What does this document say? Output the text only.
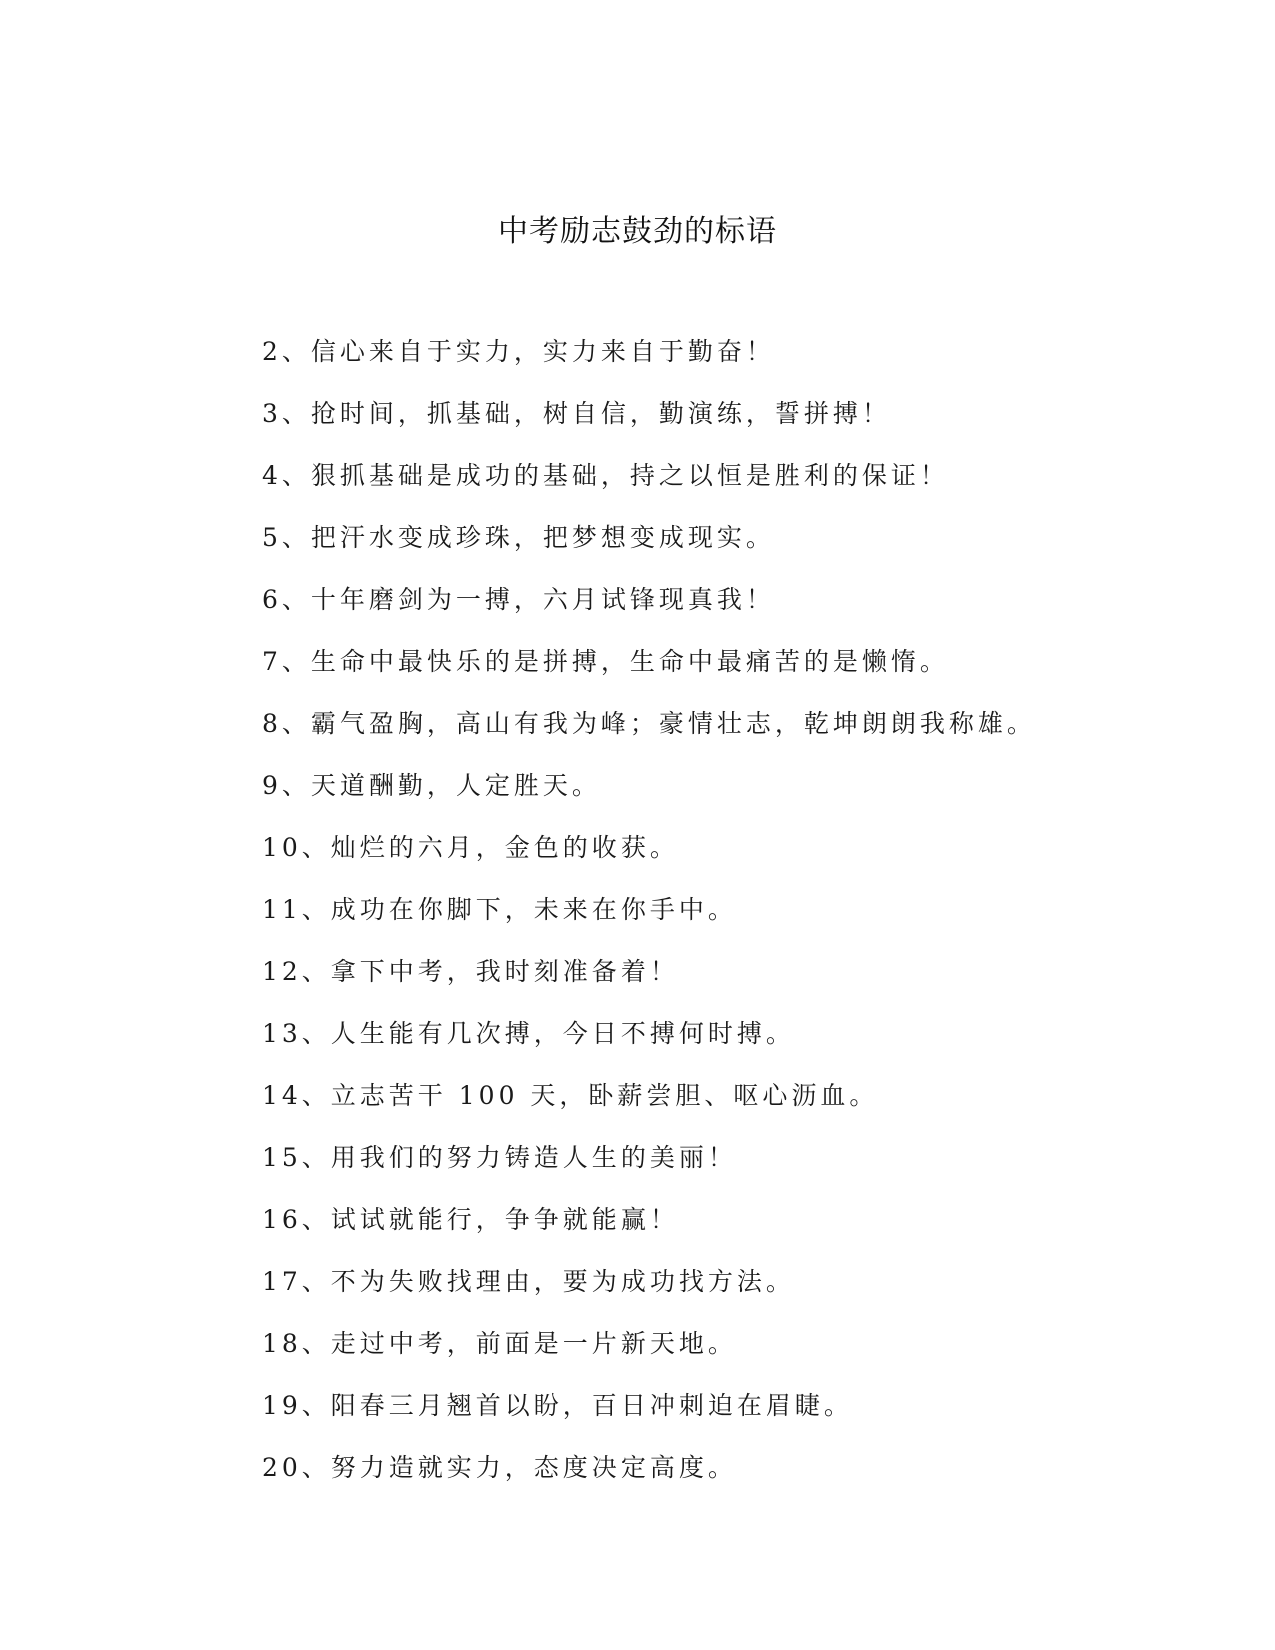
中考励志鼓劲的标语
2、信心来自于实力，实力来自于勤奋！
3、抢时间，抓基础，树自信，勤演练，誓拼搏！
4、狠抓基础是成功的基础，持之以恒是胜利的保证！
5、把汗水变成珍珠，把梦想变成现实。
6、十年磨剑为一搏，六月试锋现真我！
7、生命中最快乐的是拼搏，生命中最痛苦的是懒惰。
8、霸气盈胸，高山有我为峰；豪情壮志，乾坤朗朗我称雄。
9、天道酬勤，人定胜天。
10、灿烂的六月，金色的收获。
11、成功在你脚下，未来在你手中。
12、拿下中考，我时刻准备着！
13、人生能有几次搏，今日不搏何时搏。
14、立志苦干 100 天，卧薪尝胆、呕心沥血。
15、用我们的努力铸造人生的美丽！
16、试试就能行，争争就能赢！
17、不为失败找理由，要为成功找方法。
18、走过中考，前面是一片新天地。
19、阳春三月翘首以盼，百日冲刺迫在眉睫。
20、努力造就实力，态度决定高度。
